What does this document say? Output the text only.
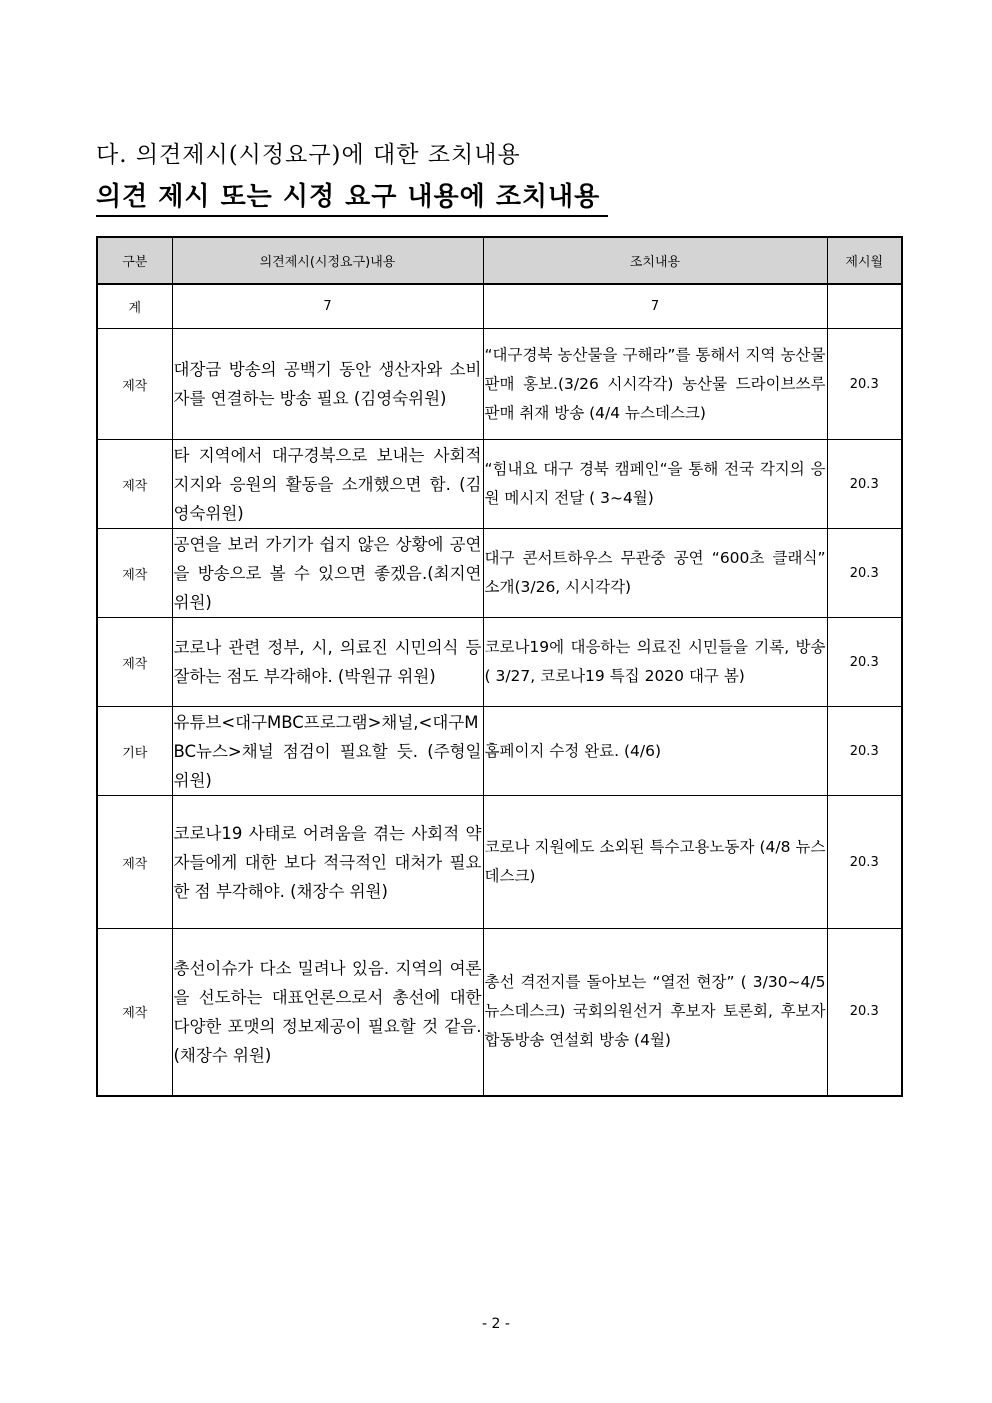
다. 의견제시(시정요구)에 대한 조치내용
의견 제시 또는 시정 요구 내용에 조치내용
구분	의견제시(시정요구)내용	조치내용	제시월
계	7	7	
제작	대장금 방송의 공백기 동안 생산자와 소비자를 연결하는 방송 필요 (김영숙위원)	“대구경북 농산물을 구해라”를 통해서 지역 농산물 판매 홍보.(3/26 시시각각) 농산물 드라이브쓰루 판매 취재 방송 (4/4 뉴스데스크)	20.3
제작	타 지역에서 대구경북으로 보내는 사회적 지지와 응원의 활동을 소개했으면 함. (김영숙위원)	“힘내요 대구 경북 캠페인“을 통해 전국 각지의 응원 메시지 전달 ( 3~4월)	20.3
제작	공연을 보러 가기가 쉽지 않은 상황에 공연을 방송으로 볼 수 있으면 좋겠음.(최지연 위원)	대구 콘서트하우스 무관중 공연 “600초 클래식” 소개(3/26, 시시각각)	20.3
제작	코로나 관련 정부, 시, 의료진 시민의식 등 잘하는 점도 부각해야. (박원규 위원)	코로나19에 대응하는 의료진 시민들을 기록, 방송 ( 3/27, 코로나19 특집 2020 대구 봄)	20.3
기타	유튜브<대구MBC프로그램>채널,<대구MBC뉴스>채널 점검이 필요할 듯. (주형일 위원)	홈페이지 수정 완료. (4/6)	20.3
제작	코로나19 사태로 어려움을 겪는 사회적 약자들에게 대한 보다 적극적인 대처가 필요한 점 부각해야. (채장수 위원)	코로나 지원에도 소외된 특수고용노동자 (4/8 뉴스데스크)	20.3
제작	총선이슈가 다소 밀려나 있음. 지역의 여론을 선도하는 대표언론으로서 총선에 대한 다양한 포맷의 정보제공이 필요할 것 같음. (채장수 위원)	총선 격전지를 돌아보는 “열전 현장” ( 3/30~4/5 뉴스데스크) 국회의원선거 후보자 토론회, 후보자 합동방송 연설회 방송 (4월)	20.3
- 2 -
